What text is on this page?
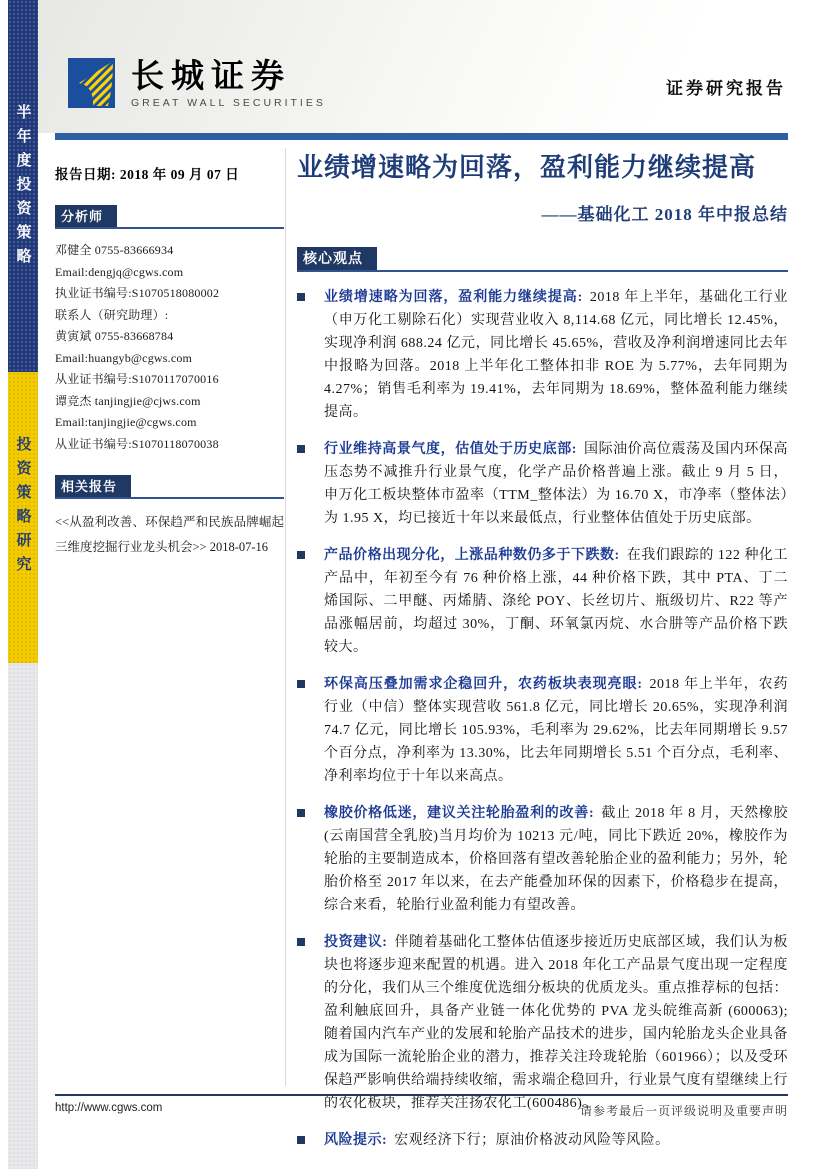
半年度投资策略
投资策略研究
长城证券
GREAT WALL SECURITIES
证券研究报告

报告日期: 2018 年 09 月 07 日

分析师
邓健全 0755-83666934
Email:dengjq@cgws.com
执业证书编号:S1070518080002
联系人（研究助理）:
黄寅斌 0755-83668784
Email:huangyb@cgws.com
从业证书编号:S1070117070016
谭竞杰 tanjingjie@cjws.com
Email:tanjingjie@cgws.com
从业证书编号:S1070118070038
相关报告
<<从盈利改善、环保趋严和民族品牌崛起三维度挖掘行业龙头机会>> 2018-07-16
业绩增速略为回落，盈利能力继续提高

——基础化工 2018 年中报总结

核心观点

业绩增速略为回落，盈利能力继续提高: 2018 年上半年，基础化工行业（申万化工剔除石化）实现营业收入 8,114.68 亿元，同比增长 12.45%，实现净利润 688.24 亿元，同比增长 45.65%，营收及净利润增速同比去年中报略为回落。2018 上半年化工整体扣非 ROE 为 5.77%，去年同期为 4.27%；销售毛利率为 19.41%，去年同期为 18.69%，整体盈利能力继续提高。

行业维持高景气度，估值处于历史底部: 国际油价高位震荡及国内环保高压态势不减推升行业景气度，化学产品价格普遍上涨。截止 9 月 5 日，申万化工板块整体市盈率（TTM_整体法）为 16.70 X，市净率（整体法）为 1.95 X，均已接近十年以来最低点，行业整体估值处于历史底部。

产品价格出现分化，上涨品种数仍多于下跌数: 在我们跟踪的 122 种化工产品中，年初至今有 76 种价格上涨，44 种价格下跌，其中 PTA、丁二烯国际、二甲醚、丙烯腈、涤纶 POY、长丝切片、瓶级切片、R22 等产品涨幅居前，均超过 30%，丁酮、环氧氯丙烷、水合肼等产品价格下跌较大。

环保高压叠加需求企稳回升，农药板块表现亮眼: 2018 年上半年，农药行业（中信）整体实现营收 561.8 亿元，同比增长 20.65%，实现净利润 74.7 亿元，同比增长 105.93%，毛利率为 29.62%，比去年同期增长 9.57 个百分点，净利率为 13.30%，比去年同期增长 5.51 个百分点，毛利率、净利率均位于十年以来高点。

橡胶价格低迷，建议关注轮胎盈利的改善: 截止 2018 年 8 月，天然橡胶(云南国营全乳胶)当月均价为 10213 元/吨，同比下跌近 20%，橡胶作为轮胎的主要制造成本，价格回落有望改善轮胎企业的盈利能力；另外，轮胎价格至 2017 年以来，在去产能叠加环保的因素下，价格稳步在提高，综合来看，轮胎行业盈利能力有望改善。

投资建议: 伴随着基础化工整体估值逐步接近历史底部区域，我们认为板块也将逐步迎来配置的机遇。进入 2018 年化工产品景气度出现一定程度的分化，我们从三个维度优选细分板块的优质龙头。重点推荐标的包括：盈利触底回升，具备产业链一体化优势的 PVA 龙头皖维高新 (600063); 随着国内汽车产业的发展和轮胎产品技术的进步，国内轮胎龙头企业具备成为国际一流轮胎企业的潜力，推荐关注玲珑轮胎（601966）；以及受环保趋严影响供给端持续收缩，需求端企稳回升，行业景气度有望继续上行的农化板块，推荐关注扬农化工(600486)。

风险提示: 宏观经济下行；原油价格波动风险等风险。

http://www.cgws.com	请参考最后一页评级说明及重要声明
